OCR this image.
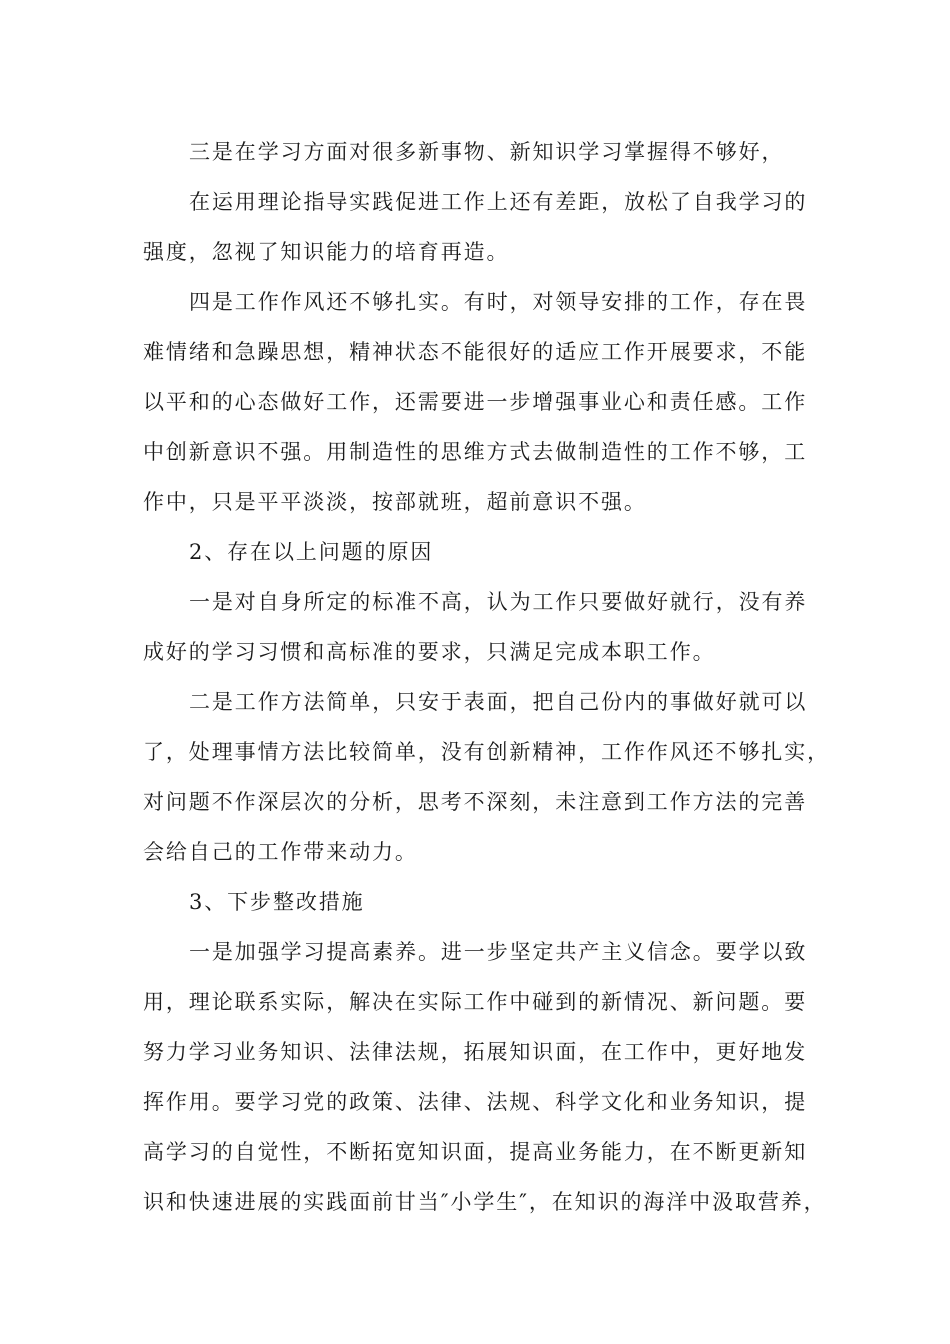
三是在学习方面对很多新事物、新知识学习掌握得不够好，
在运用理论指导实践促进工作上还有差距，放松了自我学习的
强度，忽视了知识能力的培育再造。
四是工作作风还不够扎实。有时，对领导安排的工作，存在畏
难情绪和急躁思想，精神状态不能很好的适应工作开展要求，不能
以平和的心态做好工作，还需要进一步增强事业心和责任感。工作
中创新意识不强。用制造性的思维方式去做制造性的工作不够，工
作中，只是平平淡淡，按部就班，超前意识不强。
2、存在以上问题的原因
一是对自身所定的标准不高，认为工作只要做好就行，没有养
成好的学习习惯和高标准的要求，只满足完成本职工作。
二是工作方法简单，只安于表面，把自己份内的事做好就可以
了，处理事情方法比较简单，没有创新精神，工作作风还不够扎实，
对问题不作深层次的分析，思考不深刻，未注意到工作方法的完善
会给自己的工作带来动力。
3、下步整改措施
一是加强学习提高素养。进一步坚定共产主义信念。要学以致
用，理论联系实际，解决在实际工作中碰到的新情况、新问题。要
努力学习业务知识、法律法规，拓展知识面，在工作中，更好地发
挥作用。要学习党的政策、法律、法规、科学文化和业务知识，提
高学习的自觉性，不断拓宽知识面，提高业务能力，在不断更新知
识和快速进展的实践面前甘当″小学生″，在知识的海洋中汲取营养，
